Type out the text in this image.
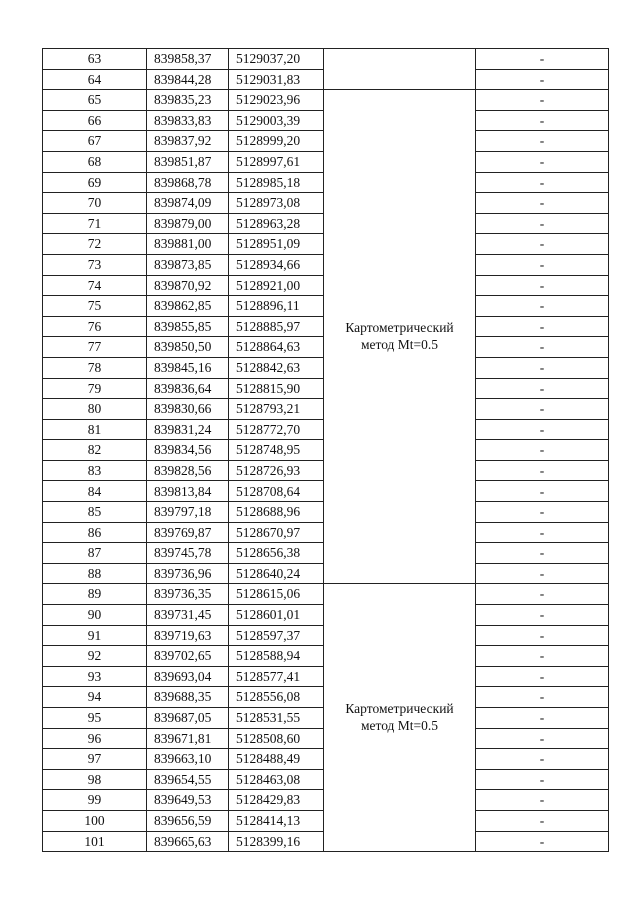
63	839858,37	5129037,20		-
64	839844,28	5129031,83		-
65	839835,23	5129023,96	Картометрический
метод Mt=0.5	-
66	839833,83	5129003,39		-
67	839837,92	5128999,20		-
68	839851,87	5128997,61		-
69	839868,78	5128985,18		-
70	839874,09	5128973,08		-
71	839879,00	5128963,28		-
72	839881,00	5128951,09		-
73	839873,85	5128934,66		-
74	839870,92	5128921,00		-
75	839862,85	5128896,11		-
76	839855,85	5128885,97		-
77	839850,50	5128864,63		-
78	839845,16	5128842,63		-
79	839836,64	5128815,90		-
80	839830,66	5128793,21		-
81	839831,24	5128772,70		-
82	839834,56	5128748,95		-
83	839828,56	5128726,93		-
84	839813,84	5128708,64		-
85	839797,18	5128688,96		-
86	839769,87	5128670,97		-
87	839745,78	5128656,38		-
88	839736,96	5128640,24		-
89	839736,35	5128615,06	Картометрический
метод Mt=0.5	-
90	839731,45	5128601,01		-
91	839719,63	5128597,37		-
92	839702,65	5128588,94		-
93	839693,04	5128577,41		-
94	839688,35	5128556,08		-
95	839687,05	5128531,55		-
96	839671,81	5128508,60		-
97	839663,10	5128488,49		-
98	839654,55	5128463,08		-
99	839649,53	5128429,83		-
100	839656,59	5128414,13		-
101	839665,63	5128399,16		-
